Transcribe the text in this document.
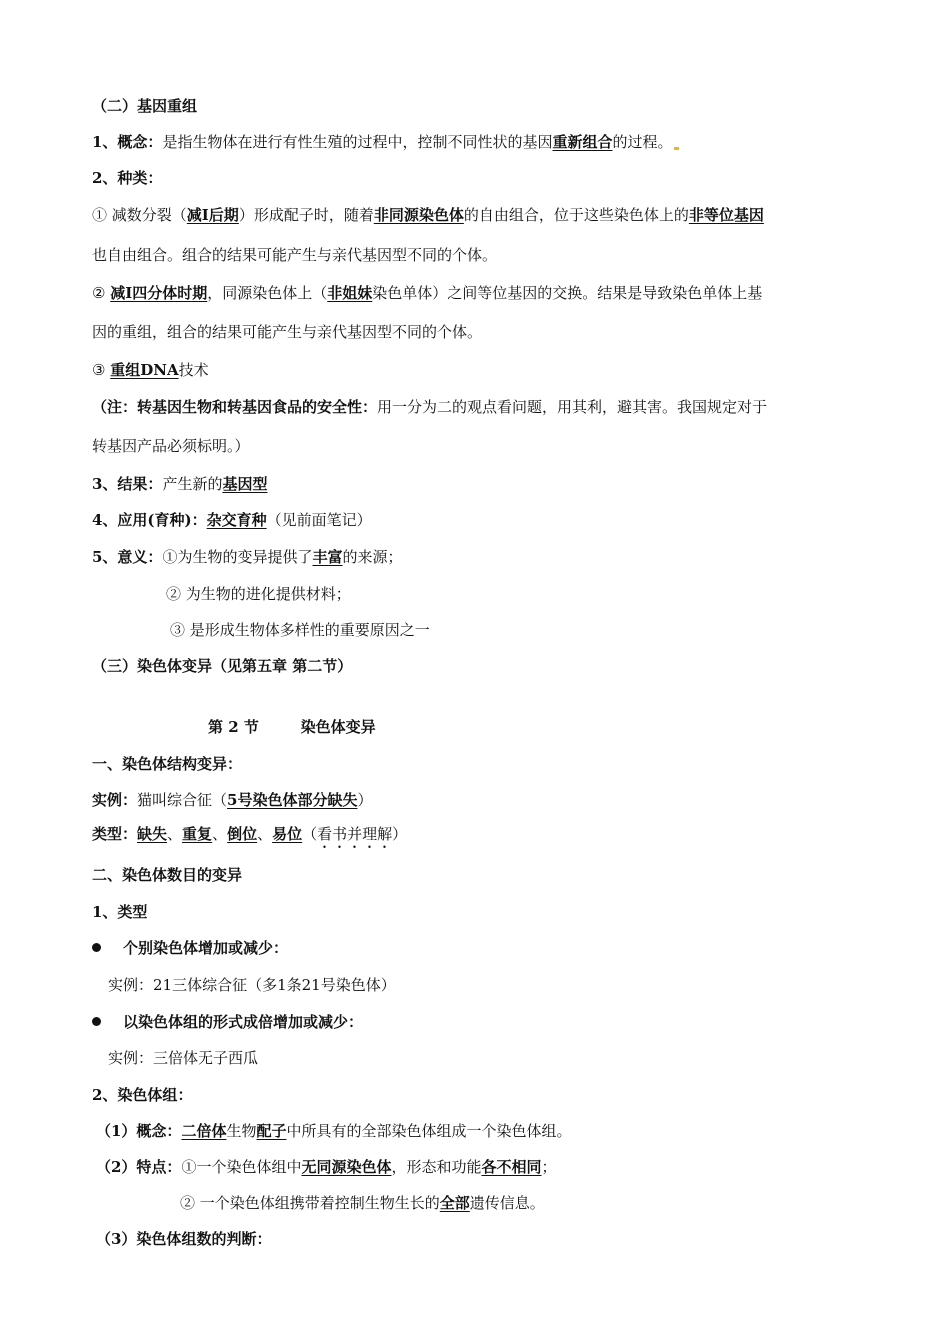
（二）基因重组
1、概念：是指生物体在进行有性生殖的过程中，控制不同性状的基因重新组合的过程。
2、种类：
① 减数分裂（减Ⅰ后期）形成配子时，随着非同源染色体的自由组合，位于这些染色体上的非等位基因
也自由组合。组合的结果可能产生与亲代基因型不同的个体。
② 减Ⅰ四分体时期，同源染色体上（非姐妹染色单体）之间等位基因的交换。结果是导致染色单体上基
因的重组，组合的结果可能产生与亲代基因型不同的个体。
③ 重组DNA技术
（注：转基因生物和转基因食品的安全性：用一分为二的观点看问题，用其利，避其害。我国规定对于
转基因产品必须标明。）
3、结果：产生新的基因型
4、应用(育种)：杂交育种（见前面笔记）
5、意义：①为生物的变异提供了丰富的来源；
② 为生物的进化提供材料；
③ 是形成生物体多样性的重要原因之一
（三）染色体变异（见第五章 第二节）
第 2 节        染色体变异
一、染色体结构变异：
实例：猫叫综合征（5号染色体部分缺失）
类型：缺失、重复、倒位、易位（看书并理解）
二、染色体数目的变异
1、类型
个别染色体增加或减少：
实例：21三体综合征（多1条21号染色体）
以染色体组的形式成倍增加或减少：
实例：三倍体无子西瓜
2、染色体组：
（1）概念：二倍体生物配子中所具有的全部染色体组成一个染色体组。
（2）特点：①一个染色体组中无同源染色体，形态和功能各不相同；
② 一个染色体组携带着控制生物生长的全部遗传信息。
（3）染色体组数的判断：
